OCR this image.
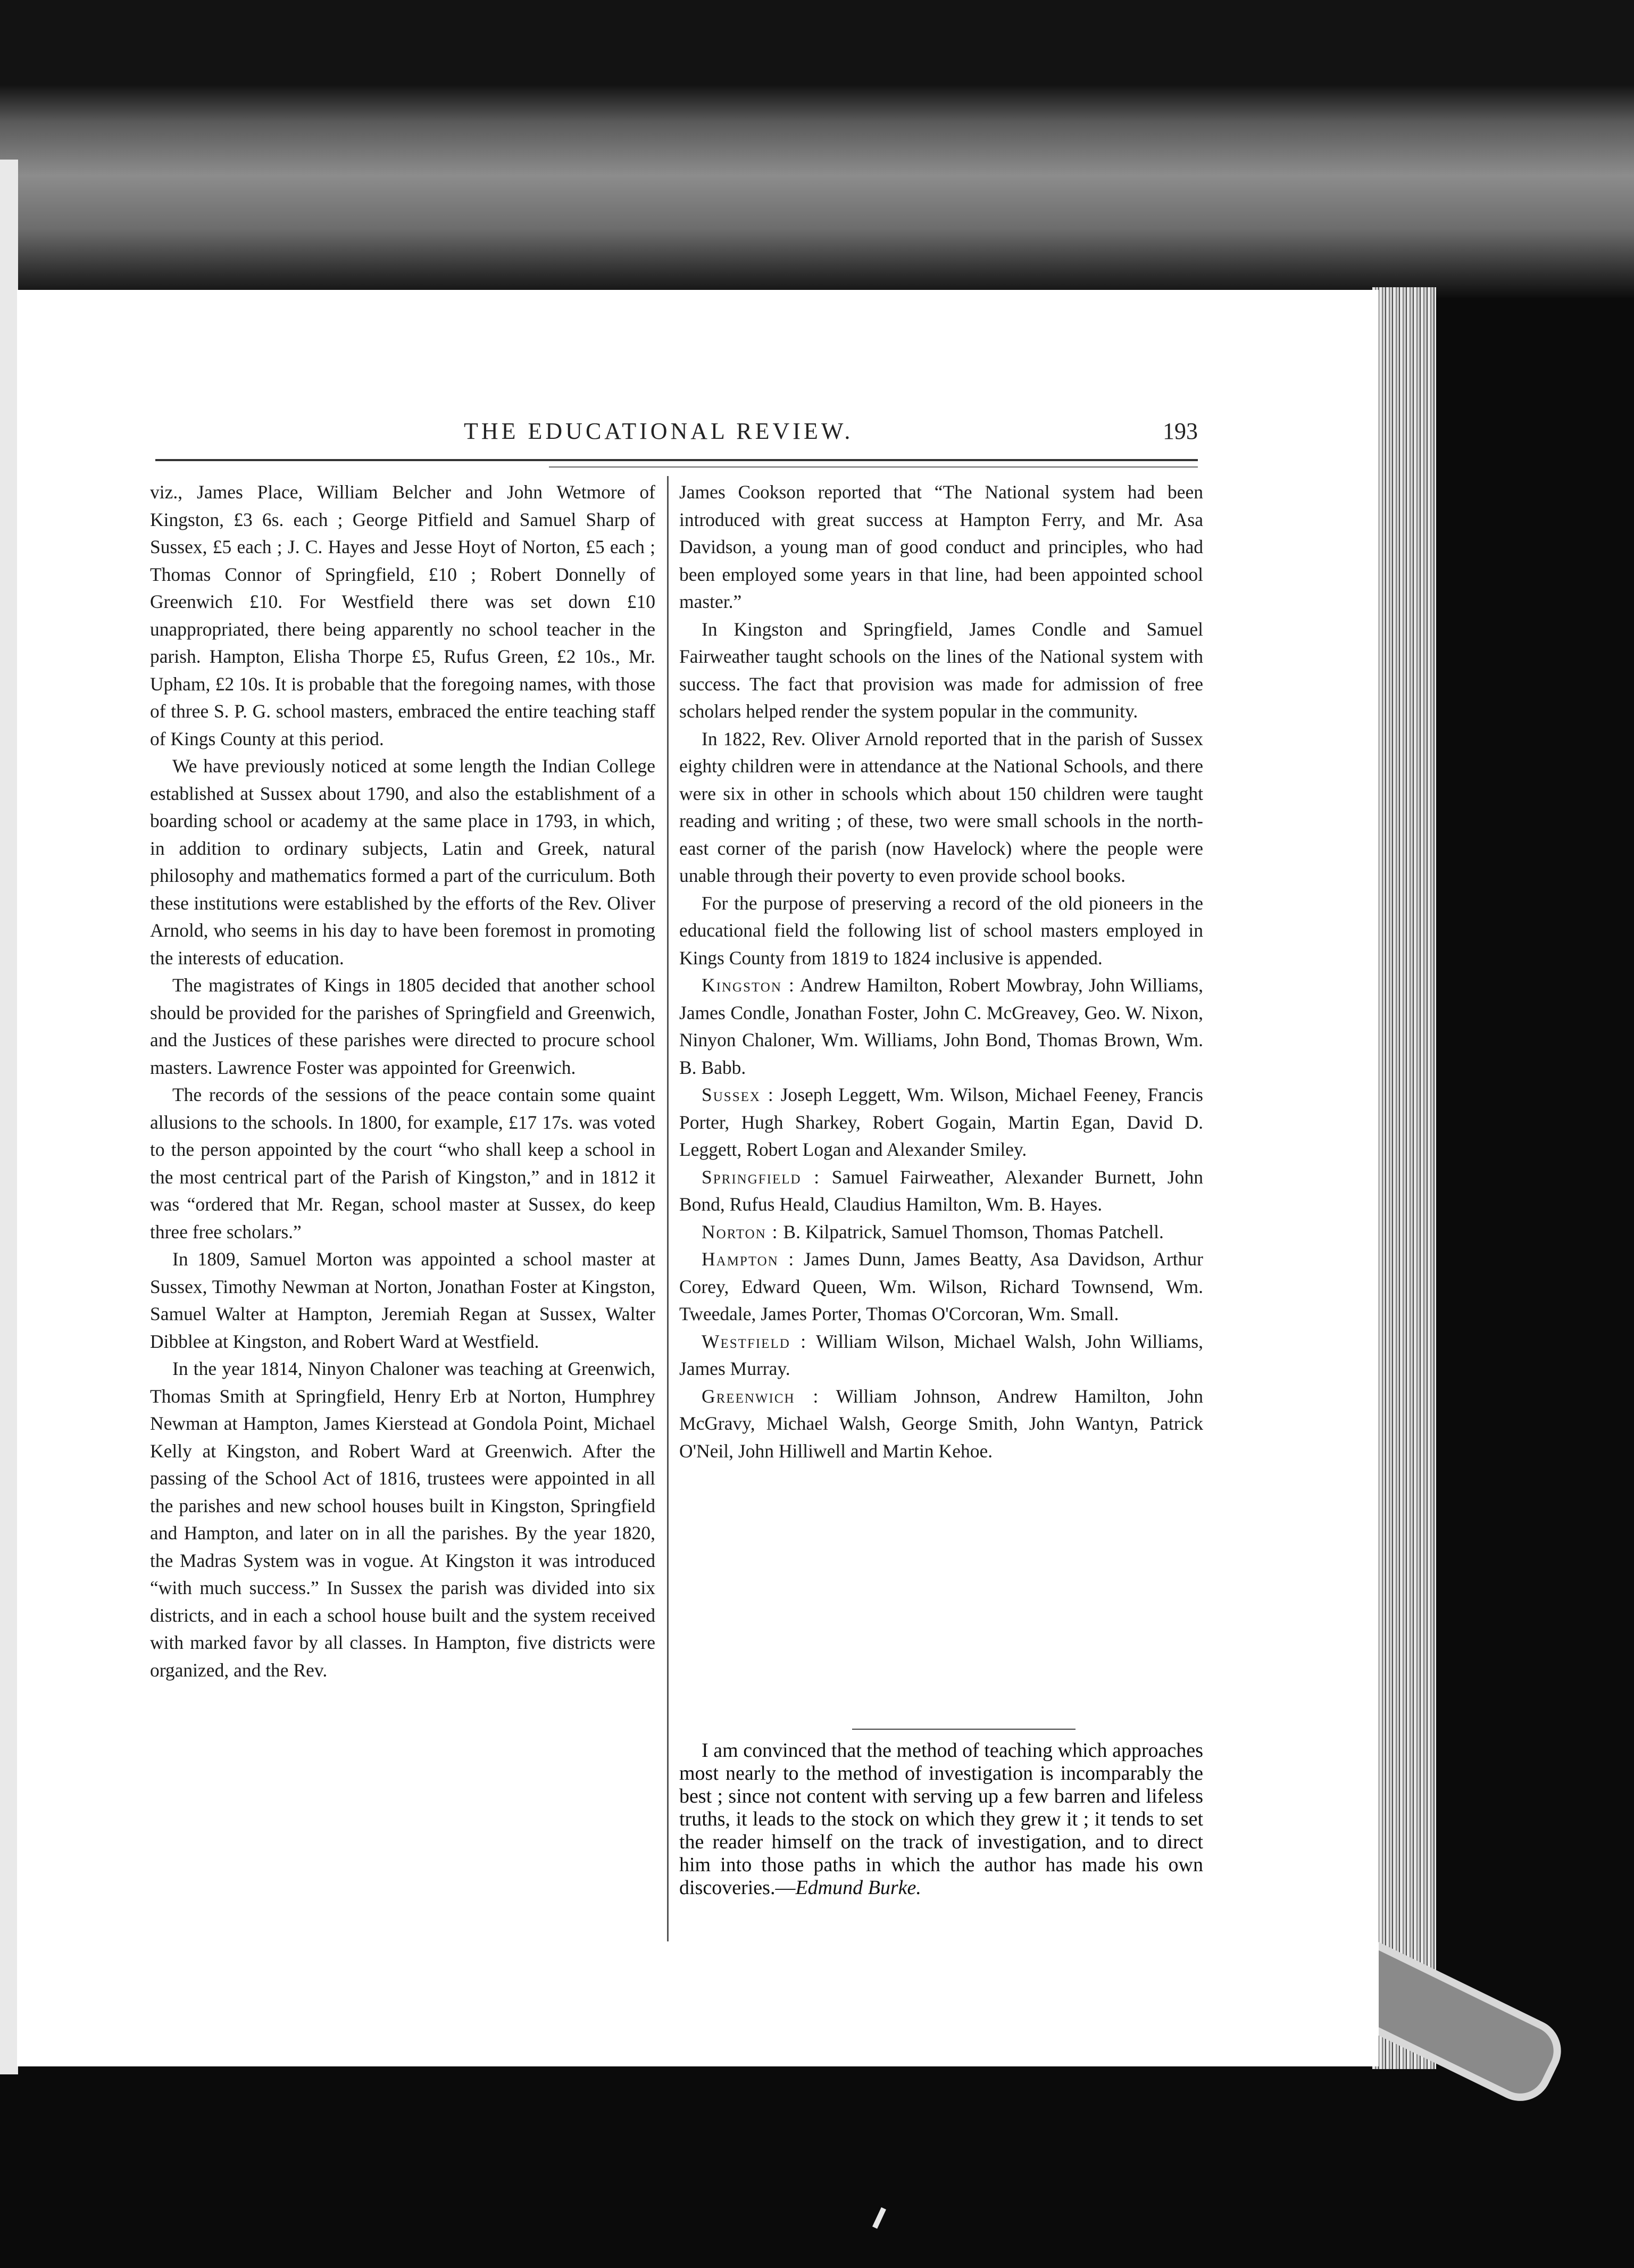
THE EDUCATIONAL REVIEW.	193

viz., James Place, William Belcher and John Wetmore of Kingston, £3 6s. each ; George Pitfield and Samuel Sharp of Sussex, £5 each ; J. C. Hayes and Jesse Hoyt of Norton, £5 each ; Thomas Connor of Springfield, £10 ; Robert Donnelly of Greenwich £10. For Westfield there was set down £10 unappropriated, there being apparently no school teacher in the parish. Hampton, Elisha Thorpe £5, Rufus Green, £2 10s., Mr. Upham, £2 10s. It is probable that the foregoing names, with those of three S. P. G. school masters, embraced the entire teaching staff of Kings County at this period.

We have previously noticed at some length the Indian College established at Sussex about 1790, and also the establishment of a boarding school or academy at the same place in 1793, in which, in addition to ordinary subjects, Latin and Greek, natural philosophy and mathematics formed a part of the curriculum. Both these institutions were established by the efforts of the Rev. Oliver Arnold, who seems in his day to have been foremost in promoting the interests of education.

The magistrates of Kings in 1805 decided that another school should be provided for the parishes of Springfield and Greenwich, and the Justices of these parishes were directed to procure school masters. Lawrence Foster was appointed for Greenwich.

The records of the sessions of the peace contain some quaint allusions to the schools. In 1800, for example, £17 17s. was voted to the person appointed by the court “who shall keep a school in the most centrical part of the Parish of Kingston,” and in 1812 it was “ordered that Mr. Regan, school master at Sussex, do keep three free scholars.”

In 1809, Samuel Morton was appointed a school master at Sussex, Timothy Newman at Norton, Jonathan Foster at Kingston, Samuel Walter at Hampton, Jeremiah Regan at Sussex, Walter Dibblee at Kingston, and Robert Ward at Westfield.

In the year 1814, Ninyon Chaloner was teaching at Greenwich, Thomas Smith at Springfield, Henry Erb at Norton, Humphrey Newman at Hampton, James Kierstead at Gondola Point, Michael Kelly at Kingston, and Robert Ward at Greenwich. After the passing of the School Act of 1816, trustees were appointed in all the parishes and new school houses built in Kingston, Springfield and Hampton, and later on in all the parishes. By the year 1820, the Madras System was in vogue. At Kingston it was introduced “with much success.” In Sussex the parish was divided into six districts, and in each a school house built and the system received with marked favor by all classes. In Hampton, five districts were organized, and the Rev.

James Cookson reported that “The National system had been introduced with great success at Hampton Ferry, and Mr. Asa Davidson, a young man of good conduct and principles, who had been employed some years in that line, had been appointed school master.”

In Kingston and Springfield, James Condle and Samuel Fairweather taught schools on the lines of the National system with success. The fact that provision was made for admission of free scholars helped render the system popular in the community.

In 1822, Rev. Oliver Arnold reported that in the parish of Sussex eighty children were in attendance at the National Schools, and there were six in other in schools which about 150 children were taught reading and writing ; of these, two were small schools in the north-east corner of the parish (now Havelock) where the people were unable through their poverty to even provide school books.

For the purpose of preserving a record of the old pioneers in the educational field the following list of school masters employed in Kings County from 1819 to 1824 inclusive is appended.

Kingston : Andrew Hamilton, Robert Mowbray, John Williams, James Condle, Jonathan Foster, John C. McGreavey, Geo. W. Nixon, Ninyon Chaloner, Wm. Williams, John Bond, Thomas Brown, Wm. B. Babb.

Sussex : Joseph Leggett, Wm. Wilson, Michael Feeney, Francis Porter, Hugh Sharkey, Robert Gogain, Martin Egan, David D. Leggett, Robert Logan and Alexander Smiley.

Springfield : Samuel Fairweather, Alexander Burnett, John Bond, Rufus Heald, Claudius Hamilton, Wm. B. Hayes.

Norton : B. Kilpatrick, Samuel Thomson, Thomas Patchell.

Hampton : James Dunn, James Beatty, Asa Davidson, Arthur Corey, Edward Queen, Wm. Wilson, Richard Townsend, Wm. Tweedale, James Porter, Thomas O'Corcoran, Wm. Small.

Westfield : William Wilson, Michael Walsh, John Williams, James Murray.

Greenwich : William Johnson, Andrew Hamilton, John McGravy, Michael Walsh, George Smith, John Wantyn, Patrick O'Neil, John Hilliwell and Martin Kehoe.

I am convinced that the method of teaching which approaches most nearly to the method of investigation is incomparably the best ; since not content with serving up a few barren and lifeless truths, it leads to the stock on which they grew it ; it tends to set the reader himself on the track of investigation, and to direct him into those paths in which the author has made his own discoveries.—Edmund Burke.
